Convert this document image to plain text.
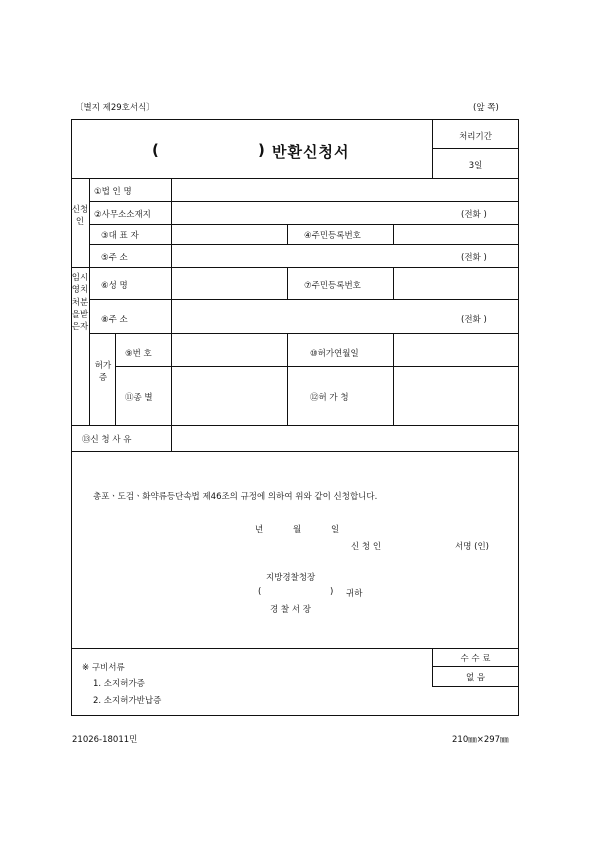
〔별지 제29호서식〕	(앞 쪽)
(	) 반환신청서
처리기간
3일
신청인
①법 인 명
②사무소소재지	(전화 )
③대 표 자	④주민등록번호
⑤주 소	(전화 )
임시영치처분을받은자
⑥성 명	⑦주민등록번호
⑧주 소	(전화 )
허가증
⑨번 호	⑩허가연월일
⑪종 별	⑫허 가 청
⑬신 청 사 유
총포ㆍ도검ㆍ화약류등단속법 제46조의 규정에 의하여 위와 같이 신청합니다.
년	월	일
신 청 인	서명 (인)
지방경찰청장
(	) 귀하
경 찰 서 장
※ 구비서류
1. 소지허가증
2. 소지허가반납증
수 수 료
없 음
21026-18011민	210㎜×297㎜
